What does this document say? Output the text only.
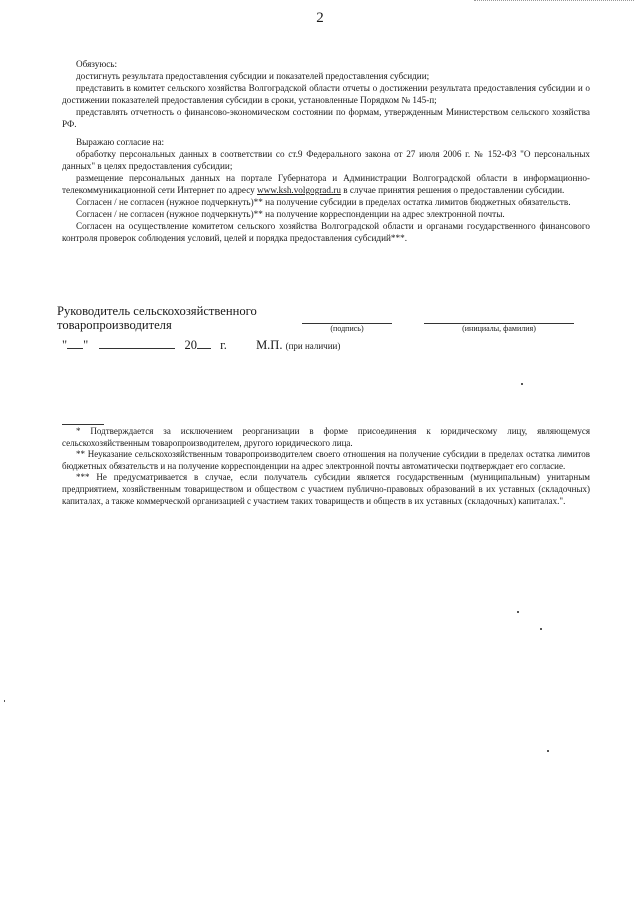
2
Обязуюсь:
достигнуть результата предоставления субсидии и показателей предоставления субсидии;
представить в комитет сельского хозяйства Волгоградской области отчеты о достижении результата предоставления субсидии и о достижении показателей предоставления субсидии в сроки, установленные Порядком № 145-п;
представлять отчетность о финансово-экономическом состоянии по формам, утвержденным Министерством сельского хозяйства РФ.
Выражаю согласие на:
обработку персональных данных в соответствии со ст.9 Федерального закона от 27 июля 2006 г. № 152-ФЗ "О персональных данных" в целях предоставления субсидии;
размещение персональных данных на портале Губернатора и Администрации Волгоградской области в информационно-телекоммуникационной сети Интернет по адресу www.ksh.volgograd.ru в случае принятия решения о предоставлении субсидии.
Согласен / не согласен (нужное подчеркнуть)** на получение субсидии в пределах остатка лимитов бюджетных обязательств.
Согласен / не согласен (нужное подчеркнуть)** на получение корреспонденции на адрес электронной почты.
Согласен на осуществление комитетом сельского хозяйства Волгоградской области и органами государственного финансового контроля проверок соблюдения условий, целей и порядка предоставления субсидий***.
Руководитель сельскохозяйственного
товаропроизводителя	(подпись)	(инициалы, фамилия)
" "	20 г. М.П. (при наличии)
* Подтверждается за исключением реорганизации в форме присоединения к юридическому лицу, являющемуся сельскохозяйственным товаропроизводителем, другого юридического лица.
** Неуказание сельскохозяйственным товаропроизводителем своего отношения на получение субсидии в пределах остатка лимитов бюджетных обязательств и на получение корреспонденции на адрес электронной почты автоматически подтверждает его согласие.
*** Не предусматривается в случае, если получатель субсидии является государственным (муниципальным) унитарным предприятием, хозяйственным товариществом и обществом с участием публично-правовых образований в их уставных (складочных) капиталах, а также коммерческой организацией с участием таких товариществ и обществ в их уставных (складочных) капиталах.".
